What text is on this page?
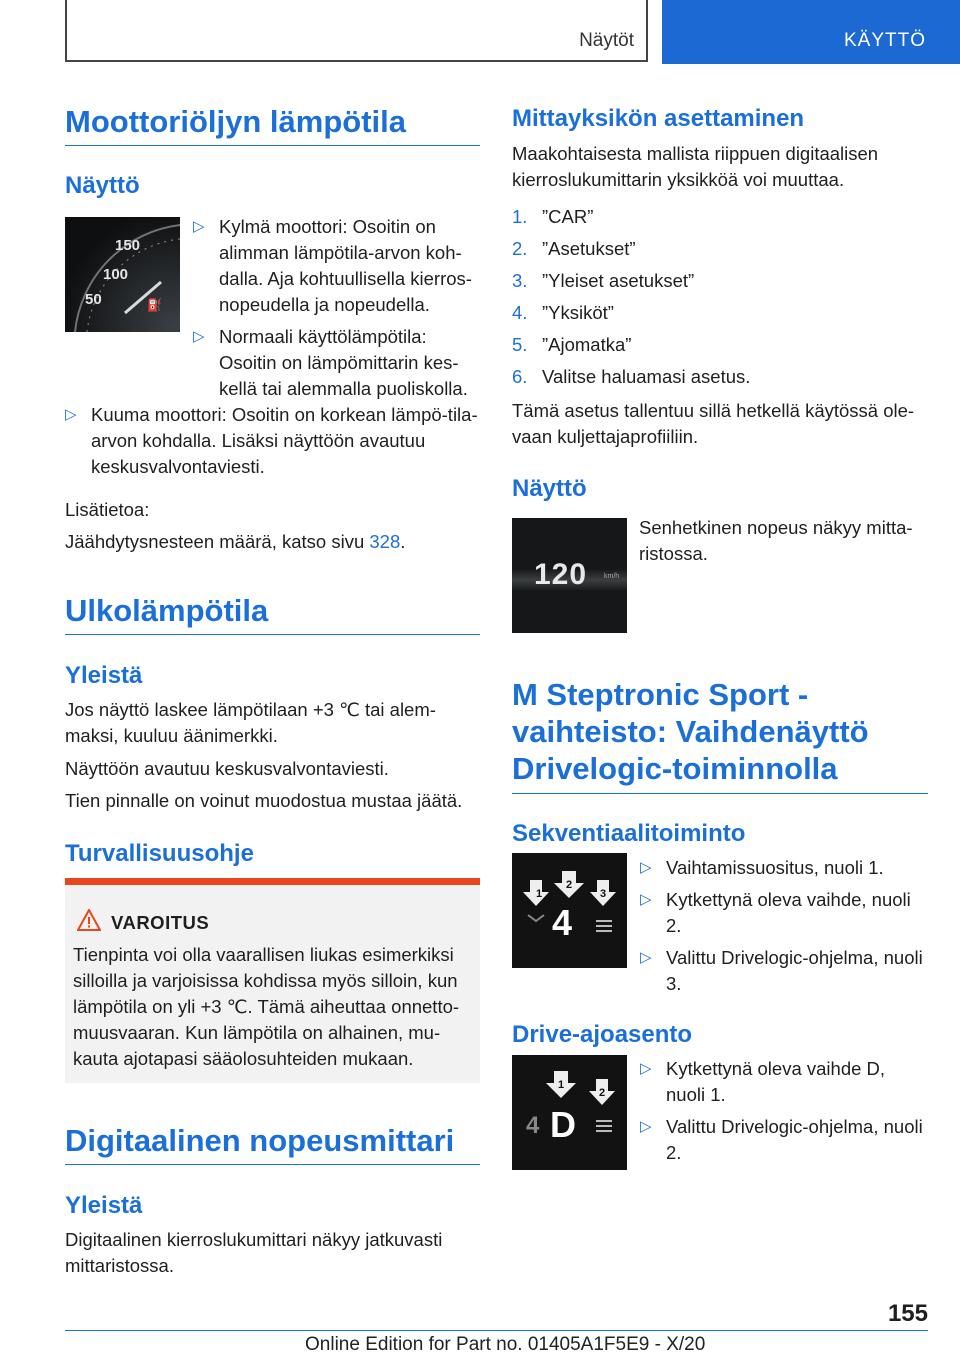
Näytöt	KÄYTTÖ
Moottoriöljyn lämpötila
Näyttö
150
100
50	⛽
▷ Kylmä moottori: Osoitin on alimman lämpötila-arvon koh-dalla. Aja kohtuullisella kierros-nopeudella ja nopeudella.
▷ Normaali käyttölämpötila: Osoitin on lämpömittarin kes-kellä tai alemmalla puoliskolla.
▷ Kuuma moottori: Osoitin on korkean lämpö-tila-arvon kohdalla. Lisäksi näyttöön avautuu keskusvalvontaviesti.

Lisätietoa:

Jäähdytysnesteen määrä, katso sivu 328.

Ulkolämpötila
Yleistä

Jos näyttö laskee lämpötilaan +3 ℃ tai alem-maksi, kuuluu äänimerkki.

Näyttöön avautuu keskusvalvontaviesti.

Tien pinnalle on voinut muodostua mustaa jäätä.

Turvallisuusohje
VAROITUS

Tienpinta voi olla vaarallisen liukas esimerkiksi silloilla ja varjoisissa kohdissa myös silloin, kun lämpötila on yli +3 ℃. Tämä aiheuttaa onnetto-muusvaaran. Kun lämpötila on alhainen, mu-kauta ajotapasi sääolosuhteiden mukaan.

Digitaalinen nopeusmittari
Yleistä

Digitaalinen kierroslukumittari näkyy jatkuvasti mittaristossa.

Mittayksikön asettaminen

Maakohtaisesta mallista riippuen digitaalisen kierroslukumittarin yksikköä voi muuttaa.

1. ”CAR”
2. ”Asetukset”
3. ”Yleiset asetukset”
4. ”Yksiköt”
5. ”Ajomatka”
6. Valitse haluamasi asetus.

Tämä asetus tallentuu sillä hetkellä käytössä ole-vaan kuljettajaprofiiliin.

Näyttö
120 km/h

Senhetkinen nopeus näkyy mitta-ristossa.

M Steptronic Sport -vaihteisto: Vaihdenäyttö Drivelogic-toiminnolla
Sekventiaalitoiminto
1
2
3
4
▷ Vaihtamissuositus, nuoli 1.
▷ Kytkettynä oleva vaihde, nuoli 2.
▷ Valittu Drivelogic-ohjelma, nuoli 3.
Drive-ajoasento
1
2
4 D
▷ Kytkettynä oleva vaihde D, nuoli 1.
▷ Valittu Drivelogic-ohjelma, nuoli 2.
155
Online Edition for Part no. 01405A1F5E9 - X/20
